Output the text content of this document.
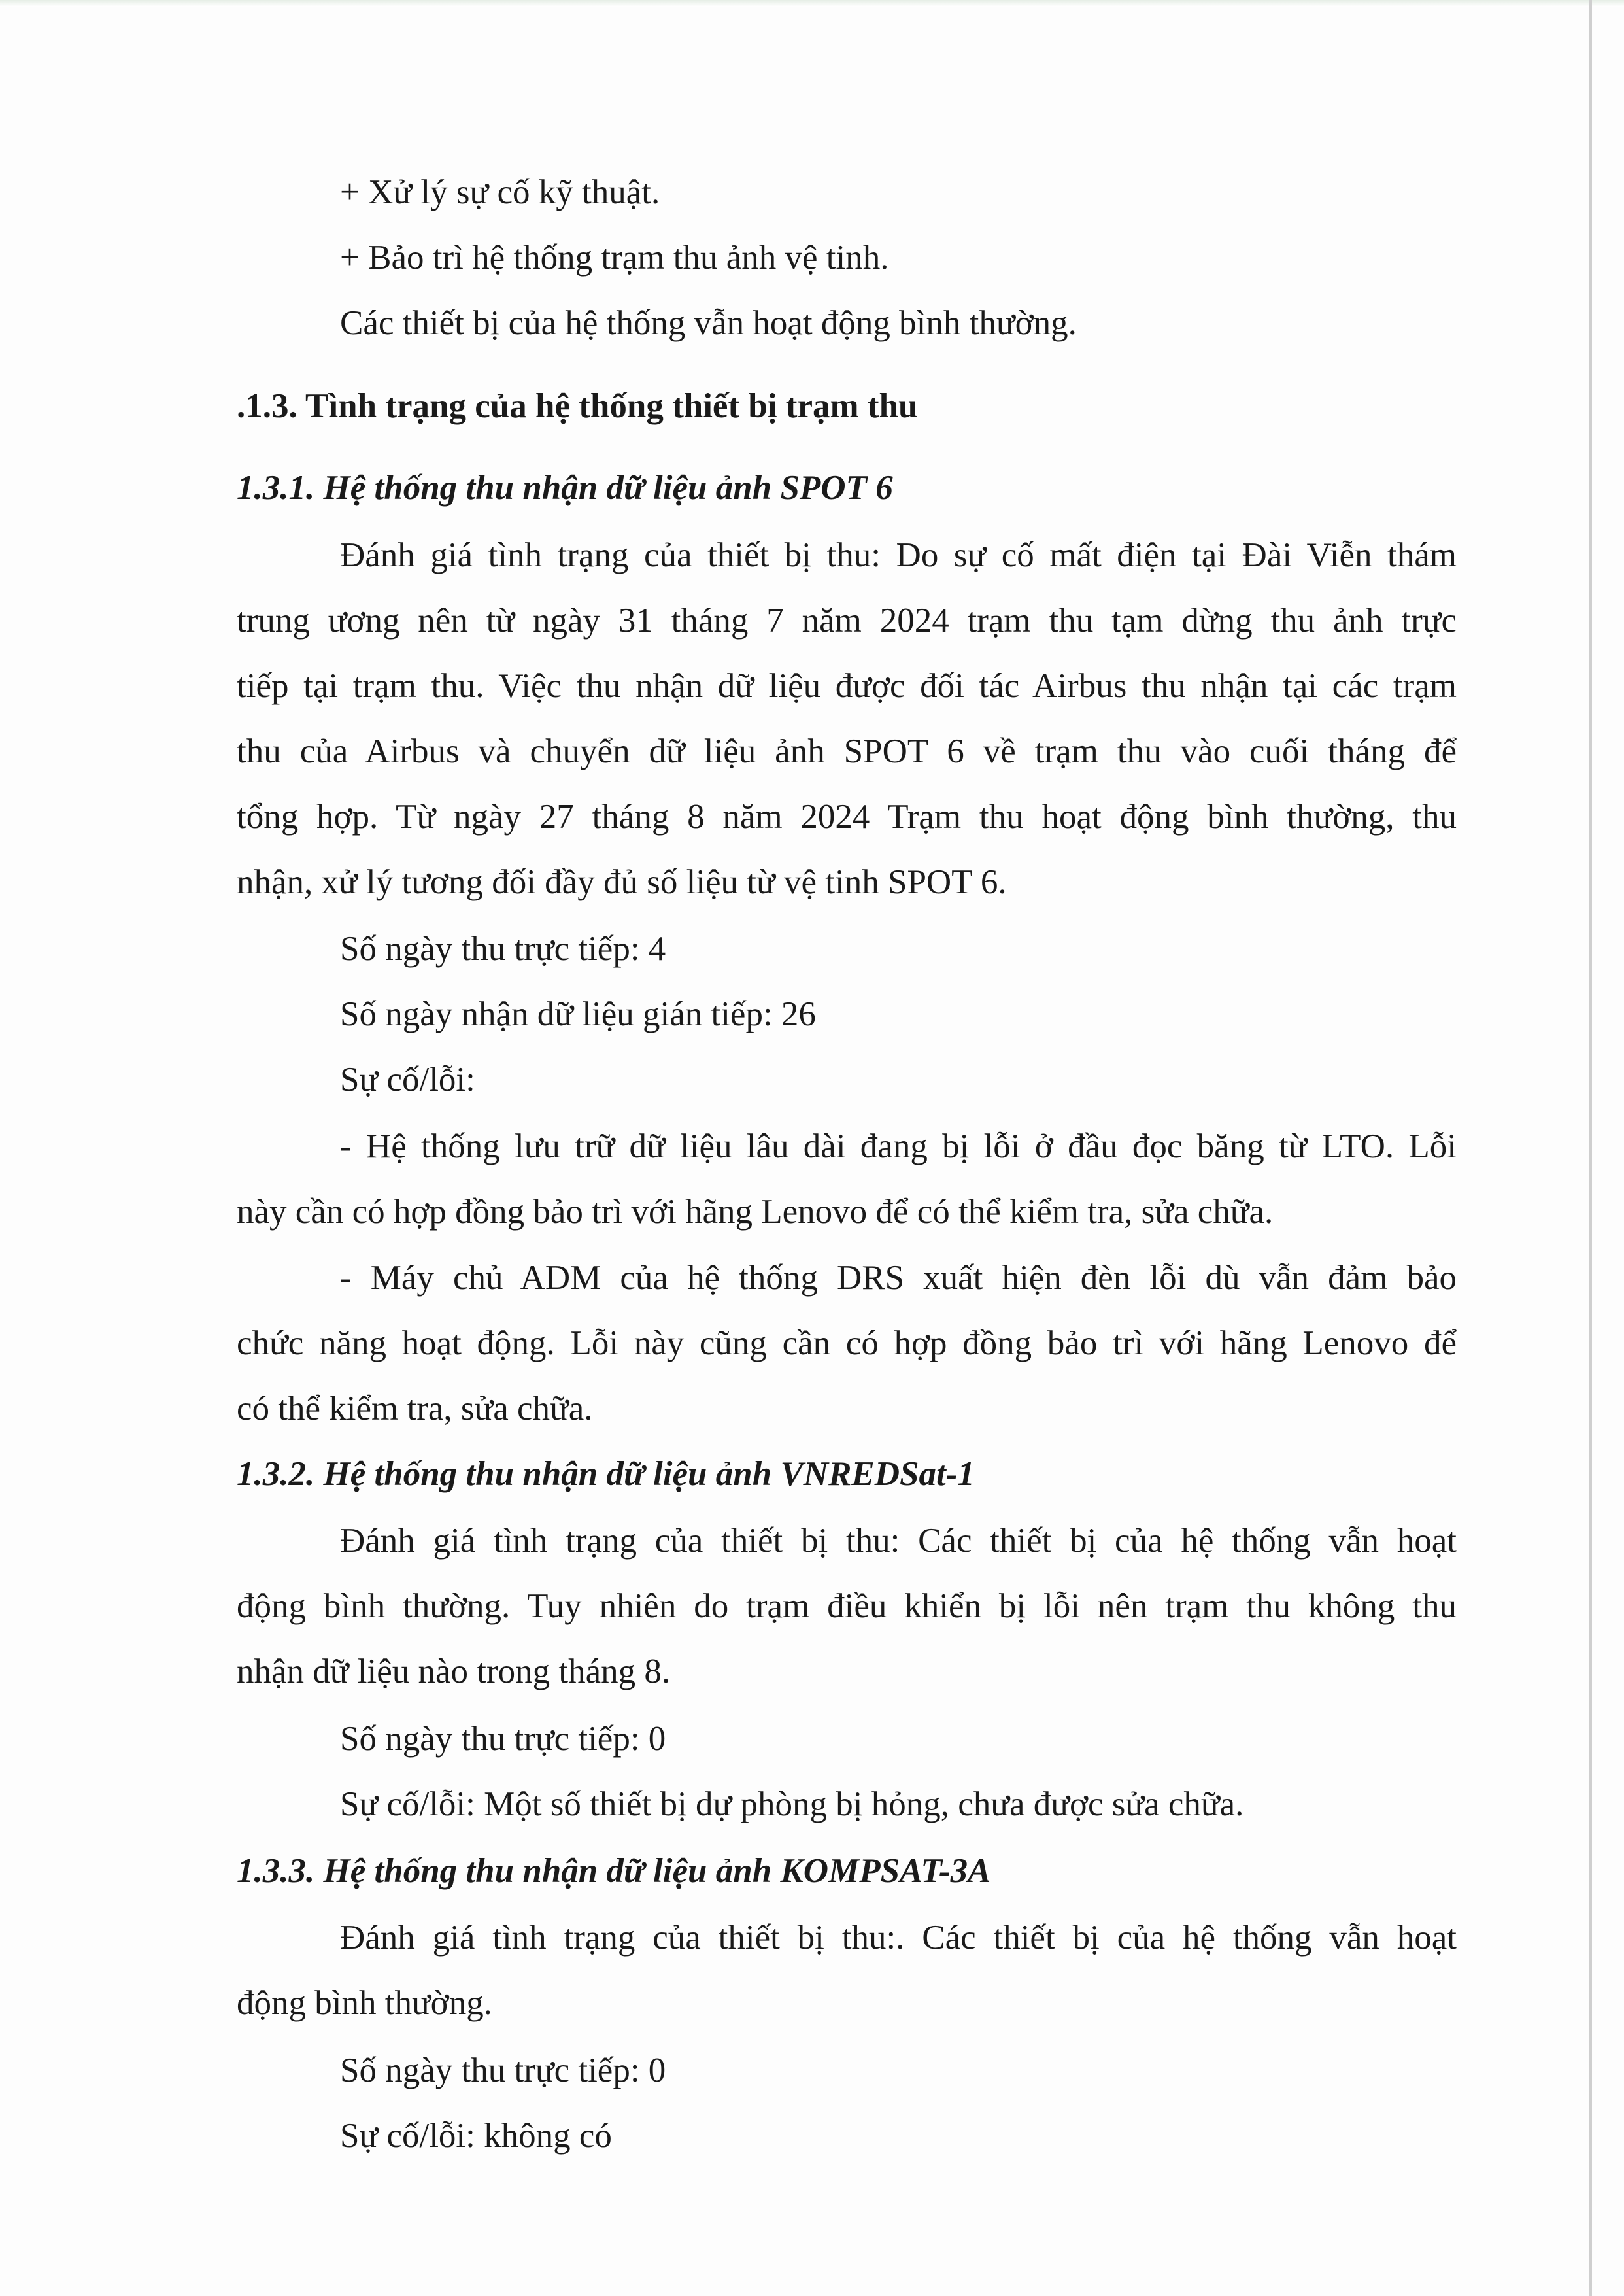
+ Xử lý sự cố kỹ thuật.
+ Bảo trì hệ thống trạm thu ảnh vệ tinh.
Các thiết bị của hệ thống vẫn hoạt động bình thường.
.1.3. Tình trạng của hệ thống thiết bị trạm thu
1.3.1. Hệ thống thu nhận dữ liệu ảnh SPOT 6
Đánh giá tình trạng của thiết bị thu: Do sự cố mất điện tại Đài Viễn thám
trung ương nên từ ngày 31 tháng 7 năm 2024 trạm thu tạm dừng thu ảnh trực
tiếp tại trạm thu. Việc thu nhận dữ liệu được đối tác Airbus thu nhận tại các trạm
thu của Airbus và chuyển dữ liệu ảnh SPOT 6 về trạm thu vào cuối tháng để
tổng hợp. Từ ngày 27 tháng 8 năm 2024 Trạm thu hoạt động bình thường, thu
nhận, xử lý tương đối đầy đủ số liệu từ vệ tinh SPOT 6.
Số ngày thu trực tiếp: 4
Số ngày nhận dữ liệu gián tiếp: 26
Sự cố/lỗi:
- Hệ thống lưu trữ dữ liệu lâu dài đang bị lỗi ở đầu đọc băng từ LTO. Lỗi
này cần có hợp đồng bảo trì với hãng Lenovo để có thể kiểm tra, sửa chữa.
- Máy chủ ADM của hệ thống DRS xuất hiện đèn lỗi dù vẫn đảm bảo
chức năng hoạt động. Lỗi này cũng cần có hợp đồng bảo trì với hãng Lenovo để
có thể kiểm tra, sửa chữa.
1.3.2. Hệ thống thu nhận dữ liệu ảnh VNREDSat-1
Đánh giá tình trạng của thiết bị thu: Các thiết bị của hệ thống vẫn hoạt
động bình thường. Tuy nhiên do trạm điều khiển bị lỗi nên trạm thu không thu
nhận dữ liệu nào trong tháng 8.
Số ngày thu trực tiếp: 0
Sự cố/lỗi: Một số thiết bị dự phòng bị hỏng, chưa được sửa chữa.
1.3.3. Hệ thống thu nhận dữ liệu ảnh KOMPSAT-3A
Đánh giá tình trạng của thiết bị thu:. Các thiết bị của hệ thống vẫn hoạt
động bình thường.
Số ngày thu trực tiếp: 0
Sự cố/lỗi: không có
